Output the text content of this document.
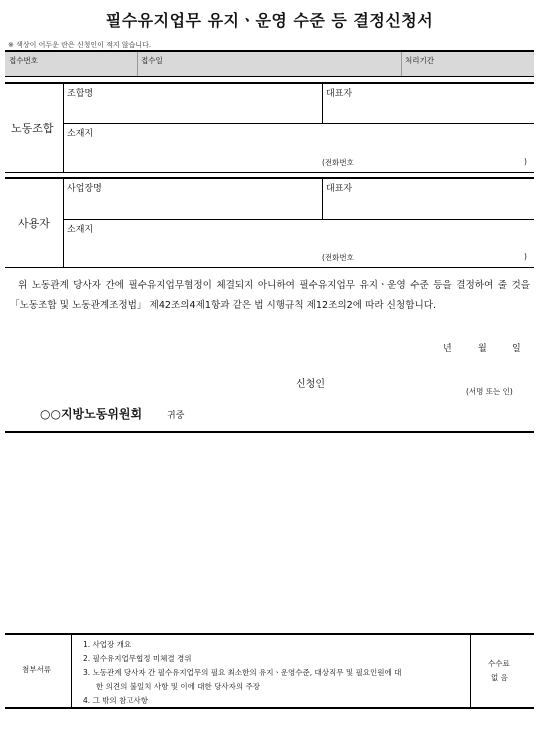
필수유지업무 유지ㆍ운영 수준 등 결정신청서
※ 색상이 어두운 란은 신청인이 적지 않습니다.
접수번호	접수일	처리기간
노동조합
조합명	대표자
소재지
(전화번호	)
사용자
사업장명	대표자
소재지
(전화번호	)
위 노동관계 당사자 간에 필수유지업무협정이 체결되지 아니하여 필수유지업무 유지ㆍ운영 수준 등을 결정하여 줄 것을 「노동조합 및 노동관계조정법」 제42조의4제1항과 같은 법 시행규칙 제12조의2에 따라 신청합니다.
년	월	일
신청인
(서명 또는 인)
○○지방노동위원회	귀중
첨부서류
1. 사업장 개요
2. 필수유지업무협정 미체결 경위
3. 노동관계 당사자 간 필수유지업무의 필요 최소한의 유지ㆍ운영수준, 대상직무 및 필요인원에 대
한 의견의 불일치 사항 및 이에 대한 당사자의 주장
4. 그 밖의 참고사항
수수료
없 음
